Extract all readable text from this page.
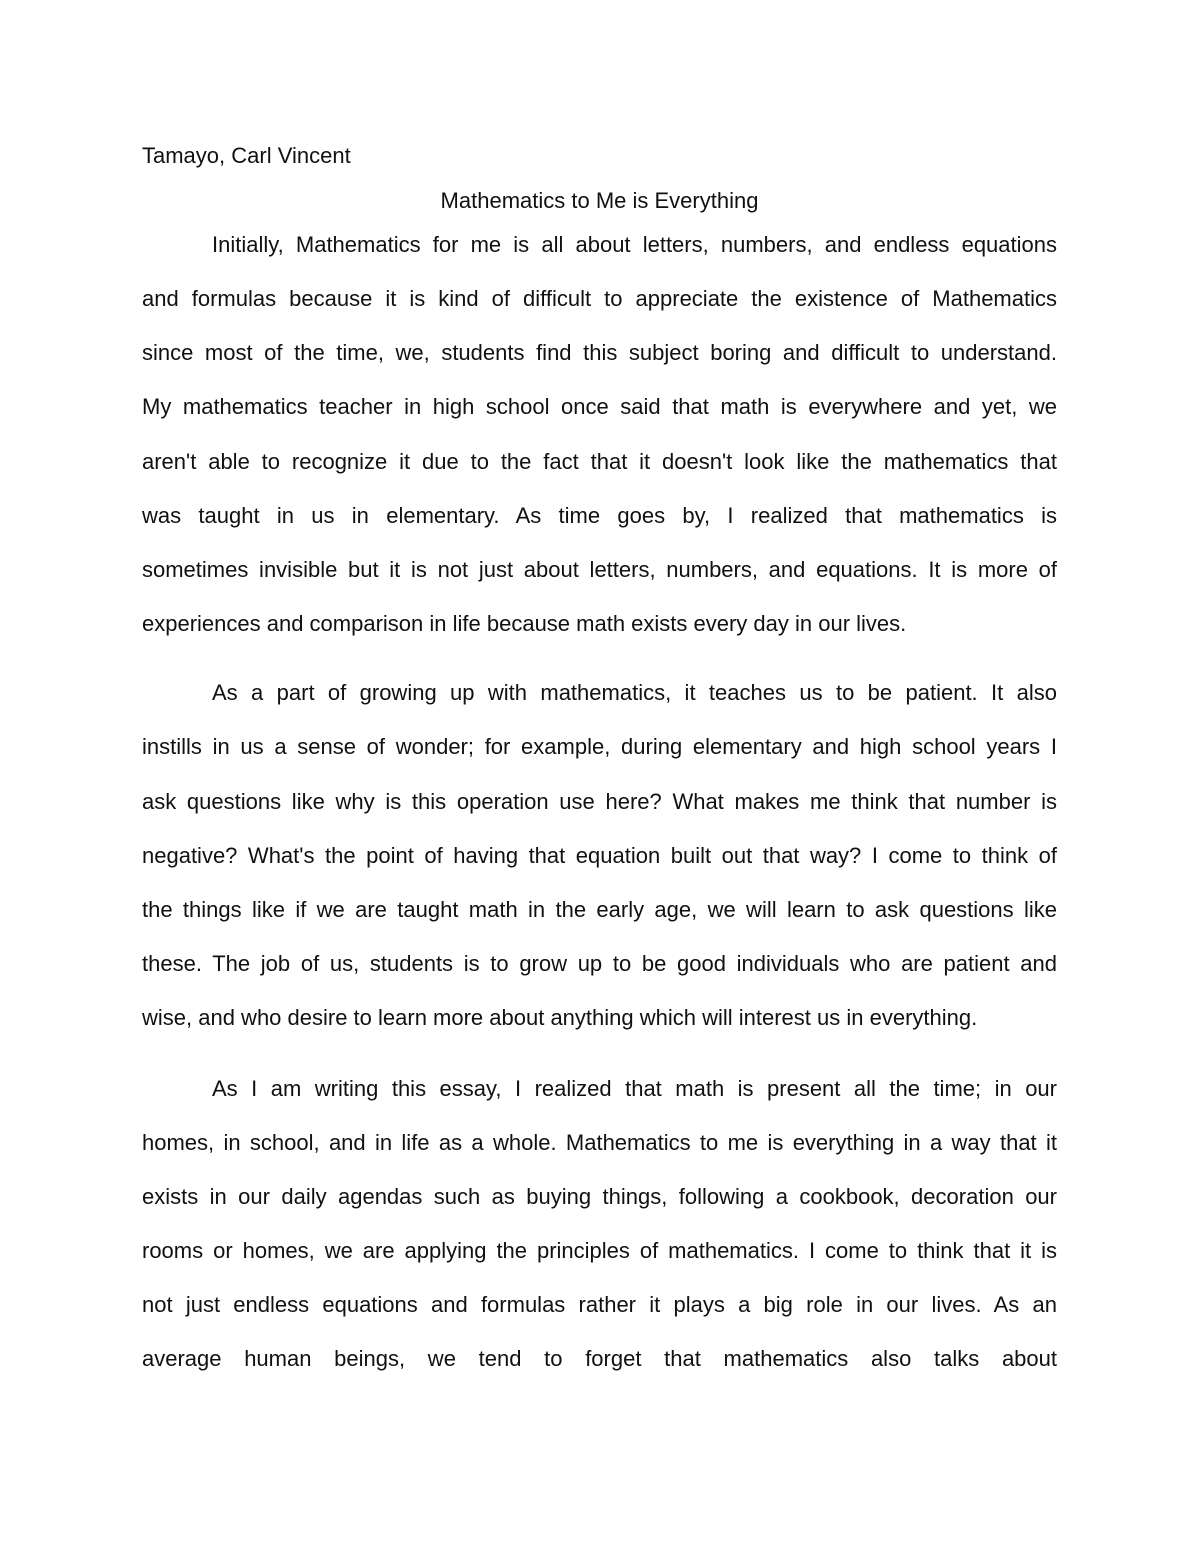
Tamayo, Carl Vincent
Mathematics to Me is Everything
Initially, Mathematics for me is all about letters, numbers, and endless equations
and formulas because it is kind of difficult to appreciate the existence of Mathematics
since most of the time, we, students find this subject boring and difficult to understand.
My mathematics teacher in high school once said that math is everywhere and yet, we
aren't able to recognize it due to the fact that it doesn't look like the mathematics that
was taught in us in elementary. As time goes by, I realized that mathematics is
sometimes invisible but it is not just about letters, numbers, and equations. It is more of
experiences and comparison in life because math exists every day in our lives.
As a part of growing up with mathematics, it teaches us to be patient. It also
instills in us a sense of wonder; for example, during elementary and high school years I
ask questions like why is this operation use here? What makes me think that number is
negative? What's the point of having that equation built out that way? I come to think of
the things like if we are taught math in the early age, we will learn to ask questions like
these. The job of us, students is to grow up to be good individuals who are patient and
wise, and who desire to learn more about anything which will interest us in everything.
As I am writing this essay, I realized that math is present all the time; in our
homes, in school, and in life as a whole. Mathematics to me is everything in a way that it
exists in our daily agendas such as buying things, following a cookbook, decoration our
rooms or homes, we are applying the principles of mathematics. I come to think that it is
not just endless equations and formulas rather it plays a big role in our lives. As an
average human beings, we tend to forget that mathematics also talks about
